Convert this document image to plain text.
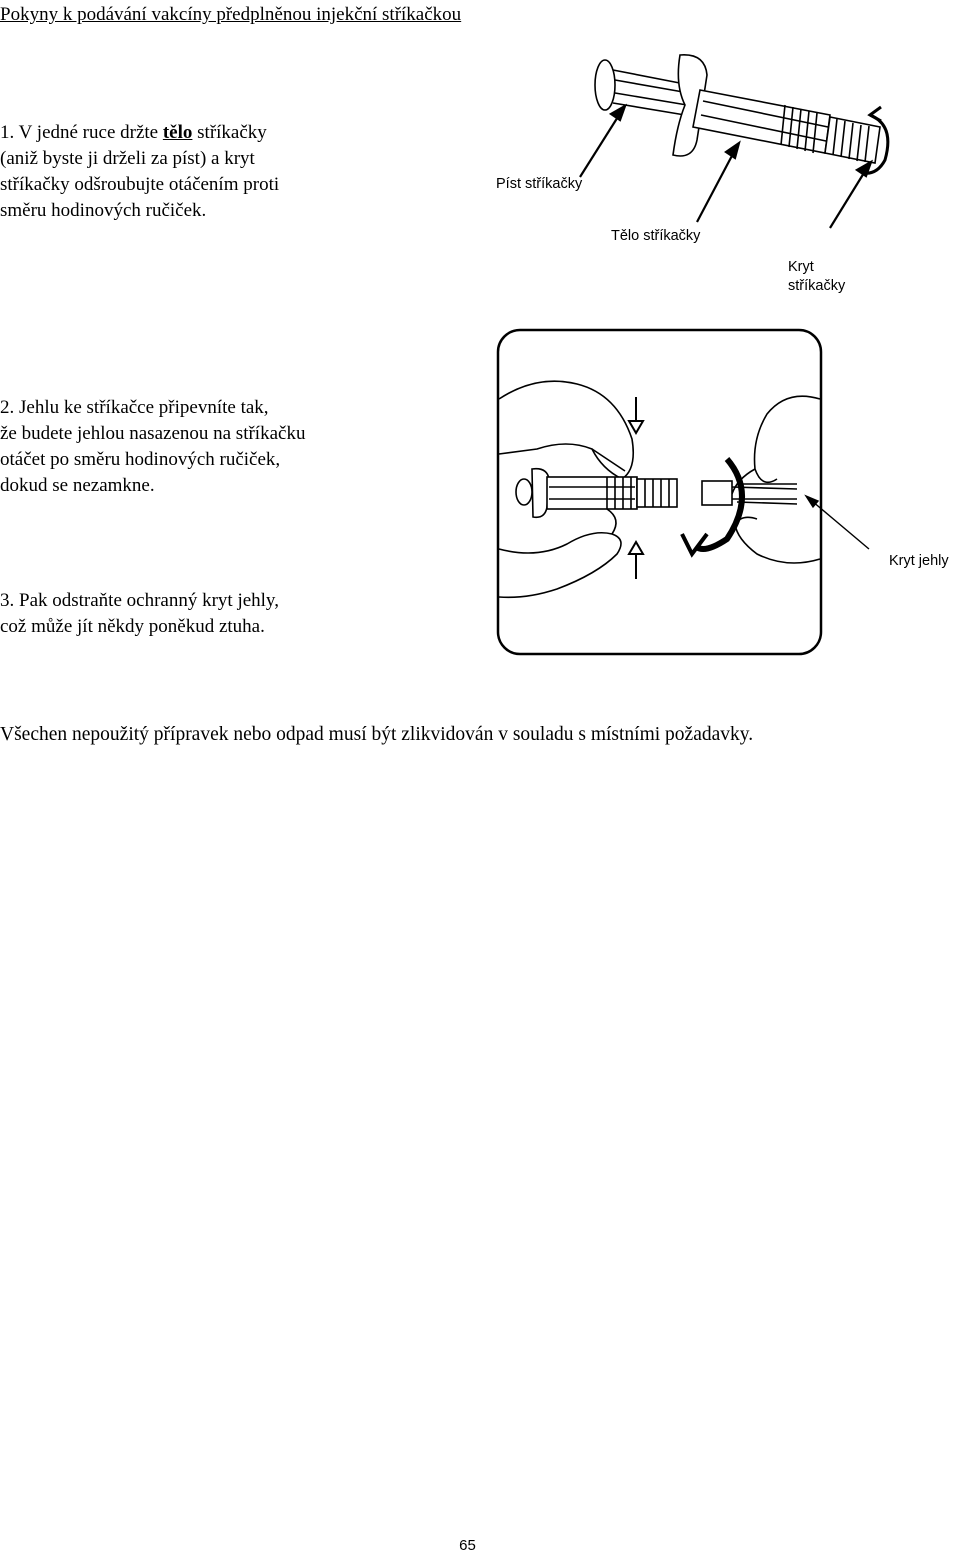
Pokyny k podávání vakcíny předplněnou injekční stříkačkou
1. V jedné ruce držte tělo stříkačky
(aniž byste ji drželi za píst) a kryt
stříkačky odšroubujte otáčením proti
směru hodinových ručiček.
Píst stříkačky
Tělo stříkačky
Kryt
stříkačky
2. Jehlu ke stříkačce připevníte tak,
že budete jehlou nasazenou na stříkačku
otáčet po směru hodinových ručiček,
dokud se nezamkne.
Kryt jehly
3. Pak odstraňte ochranný kryt jehly,
což může jít někdy poněkud ztuha.
Všechen nepoužitý přípravek nebo odpad musí být zlikvidován v souladu s místními požadavky.
65
